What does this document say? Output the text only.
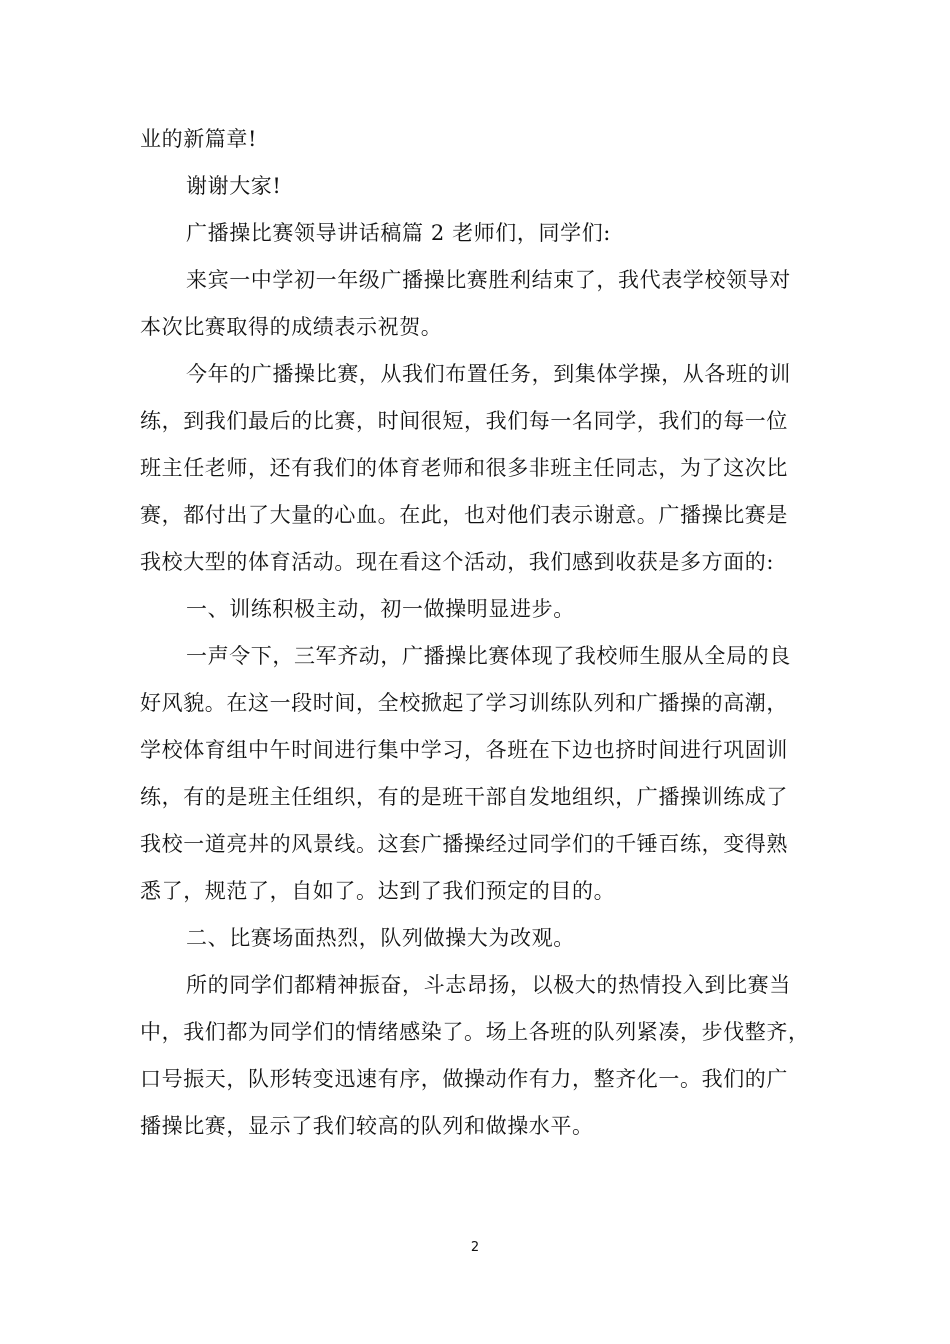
业的新篇章!
谢谢大家!
广播操比赛领导讲话稿篇 2 老师们，同学们:
来宾一中学初一年级广播操比赛胜利结束了，我代表学校领导对
本次比赛取得的成绩表示祝贺。
今年的广播操比赛，从我们布置任务，到集体学操，从各班的训
练，到我们最后的比赛，时间很短，我们每一名同学，我们的每一位
班主任老师，还有我们的体育老师和很多非班主任同志，为了这次比
赛，都付出了大量的心血。在此，也对他们表示谢意。广播操比赛是
我校大型的体育活动。现在看这个活动，我们感到收获是多方面的:
一、训练积极主动，初一做操明显进步。
一声令下，三军齐动，广播操比赛体现了我校师生服从全局的良
好风貌。在这一段时间，全校掀起了学习训练队列和广播操的高潮，
学校体育组中午时间进行集中学习，各班在下边也挤时间进行巩固训
练，有的是班主任组织，有的是班干部自发地组织，广播操训练成了
我校一道亮丼的风景线。这套广播操经过同学们的千锤百练，变得熟
悉了，规范了，自如了。达到了我们预定的目的。
二、比赛场面热烈，队列做操大为改观。
所的同学们都精神振奋，斗志昂扬，以极大的热情投入到比赛当
中，我们都为同学们的情绪感染了。场上各班的队列紧凑，步伐整齐，
口号振天，队形转变迅速有序，做操动作有力，整齐化一。我们的广
播操比赛，显示了我们较高的队列和做操水平。
2
